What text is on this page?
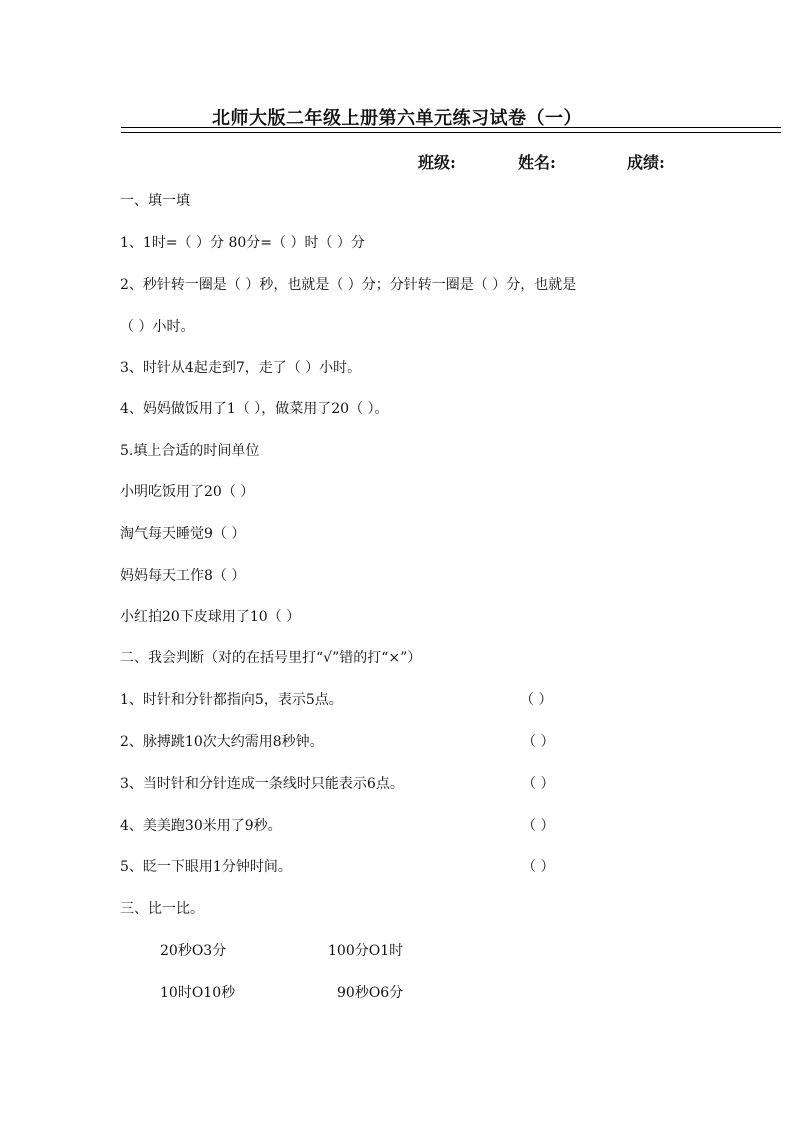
北师大版二年级上册第六单元练习试卷（一）
班级:	姓名:	成绩:
一、填一填
1、1时=（ ）分 80分=（ ）时（ ）分
2、秒针转一圈是（ ）秒，也就是（ ）分；分针转一圈是（ ）分，也就是
（ ）小时。
3、时针从4起走到7，走了（ ）小时。
4、妈妈做饭用了1（ ），做菜用了20（ ）。
5.填上合适的时间单位
小明吃饭用了20（ ）
淘气每天睡觉9（ ）
妈妈每天工作8（ ）
小红拍20下皮球用了10（ ）
二、我会判断（对的在括号里打“√”错的打“×”）
1、时针和分针都指向5，表示5点。	（ ）
2、脉搏跳10次大约需用8秒钟。	（ ）
3、当时针和分针连成一条线时只能表示6点。	（ ）
4、美美跑30米用了9秒。	（ ）
5、眨一下眼用1分钟时间。	（ ）
三、比一比。
20秒O3分	100分O1时
10时O10秒	90秒O6分
